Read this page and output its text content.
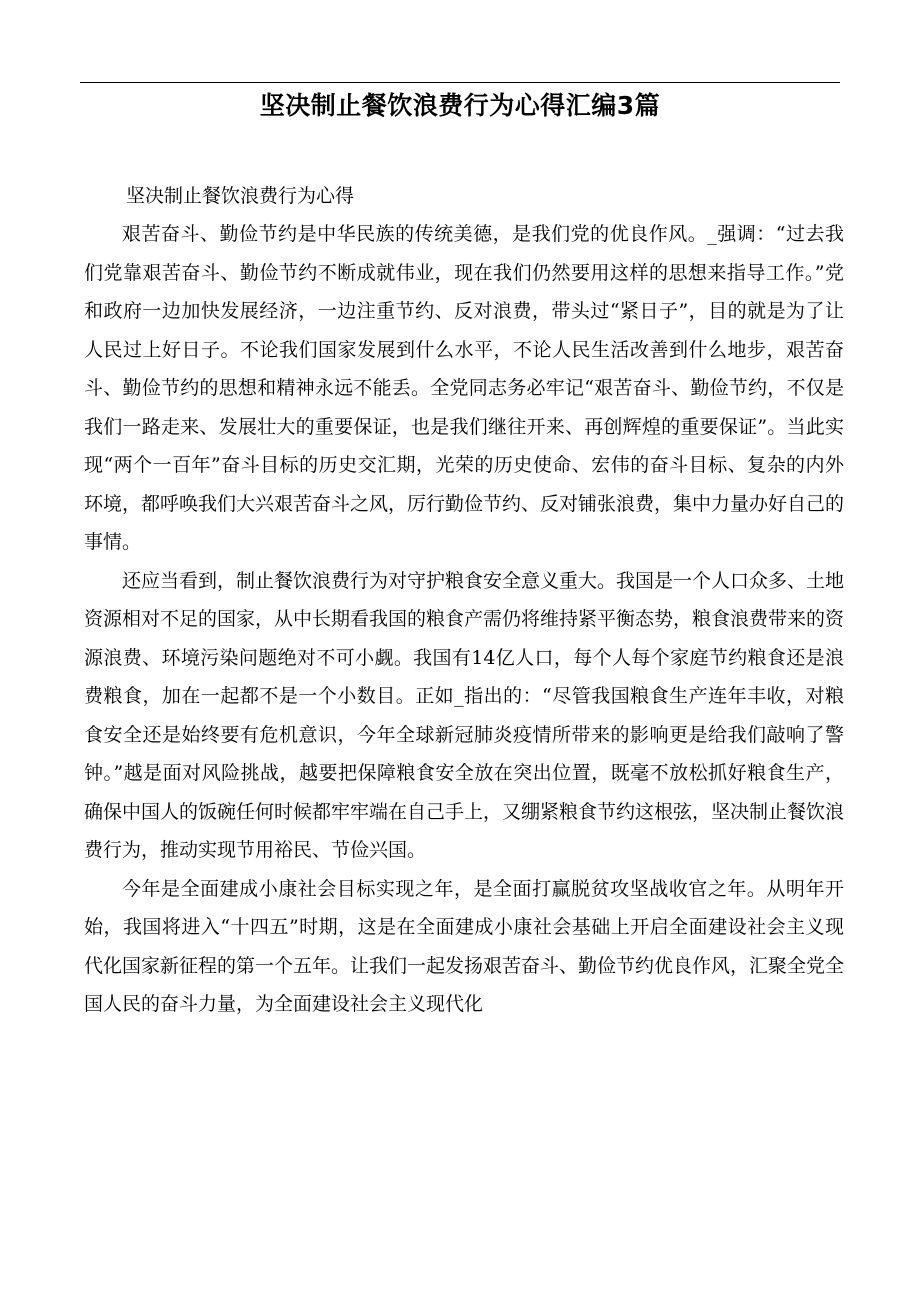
坚决制止餐饮浪费行为心得汇编3篇

坚决制止餐饮浪费行为心得

艰苦奋斗、勤俭节约是中华民族的传统美德，是我们党的优良作风。_强调：“过去我们党靠艰苦奋斗、勤俭节约不断成就伟业，现在我们仍然要用这样的思想来指导工作。”党和政府一边加快发展经济，一边注重节约、反对浪费，带头过“紧日子”，目的就是为了让人民过上好日子。不论我们国家发展到什么水平，不论人民生活改善到什么地步，艰苦奋斗、勤俭节约的思想和精神永远不能丢。全党同志务必牢记“艰苦奋斗、勤俭节约，不仅是我们一路走来、发展壮大的重要保证，也是我们继往开来、再创辉煌的重要保证”。当此实现“两个一百年”奋斗目标的历史交汇期，光荣的历史使命、宏伟的奋斗目标、复杂的内外环境，都呼唤我们大兴艰苦奋斗之风，厉行勤俭节约、反对铺张浪费，集中力量办好自己的事情。

还应当看到，制止餐饮浪费行为对守护粮食安全意义重大。我国是一个人口众多、土地资源相对不足的国家，从中长期看我国的粮食产需仍将维持紧平衡态势，粮食浪费带来的资源浪费、环境污染问题绝对不可小觑。我国有14亿人口，每个人每个家庭节约粮食还是浪费粮食，加在一起都不是一个小数目。正如_指出的：“尽管我国粮食生产连年丰收，对粮食安全还是始终要有危机意识，今年全球新冠肺炎疫情所带来的影响更是给我们敲响了警钟。”越是面对风险挑战，越要把保障粮食安全放在突出位置，既毫不放松抓好粮食生产，确保中国人的饭碗任何时候都牢牢端在自己手上，又绷紧粮食节约这根弦，坚决制止餐饮浪费行为，推动实现节用裕民、节俭兴国。

今年是全面建成小康社会目标实现之年，是全面打赢脱贫攻坚战收官之年。从明年开始，我国将进入“十四五”时期，这是在全面建成小康社会基础上开启全面建设社会主义现代化国家新征程的第一个五年。让我们一起发扬艰苦奋斗、勤俭节约优良作风，汇聚全党全国人民的奋斗力量，为全面建设社会主义现代化
